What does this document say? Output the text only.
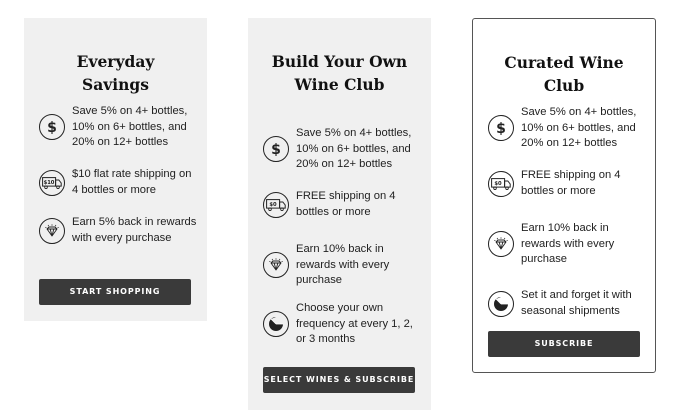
Everyday Savings
$
Save 5% on 4+ bottles, 10% on 6+ bottles, and 20% on 12+ bottles
$10
$10 flat rate shipping on 4 bottles or more
Earn 5% back in rewards with every purchase
START SHOPPING
Build Your Own
Wine Club
$
Save 5% on 4+ bottles, 10% on 6+ bottles, and 20% on 12+ bottles
$0
FREE shipping on 4 bottles or more
Earn 10% back in rewards with every purchase
Choose your own frequency at every 1, 2, or 3 months
SELECT WINES & SUBSCRIBE
Curated Wine Club
$
Save 5% on 4+ bottles, 10% on 6+ bottles, and 20% on 12+ bottles
$0
FREE shipping on 4 bottles or more
Earn 10% back in rewards with every purchase
Set it and forget it with seasonal shipments
SUBSCRIBE
